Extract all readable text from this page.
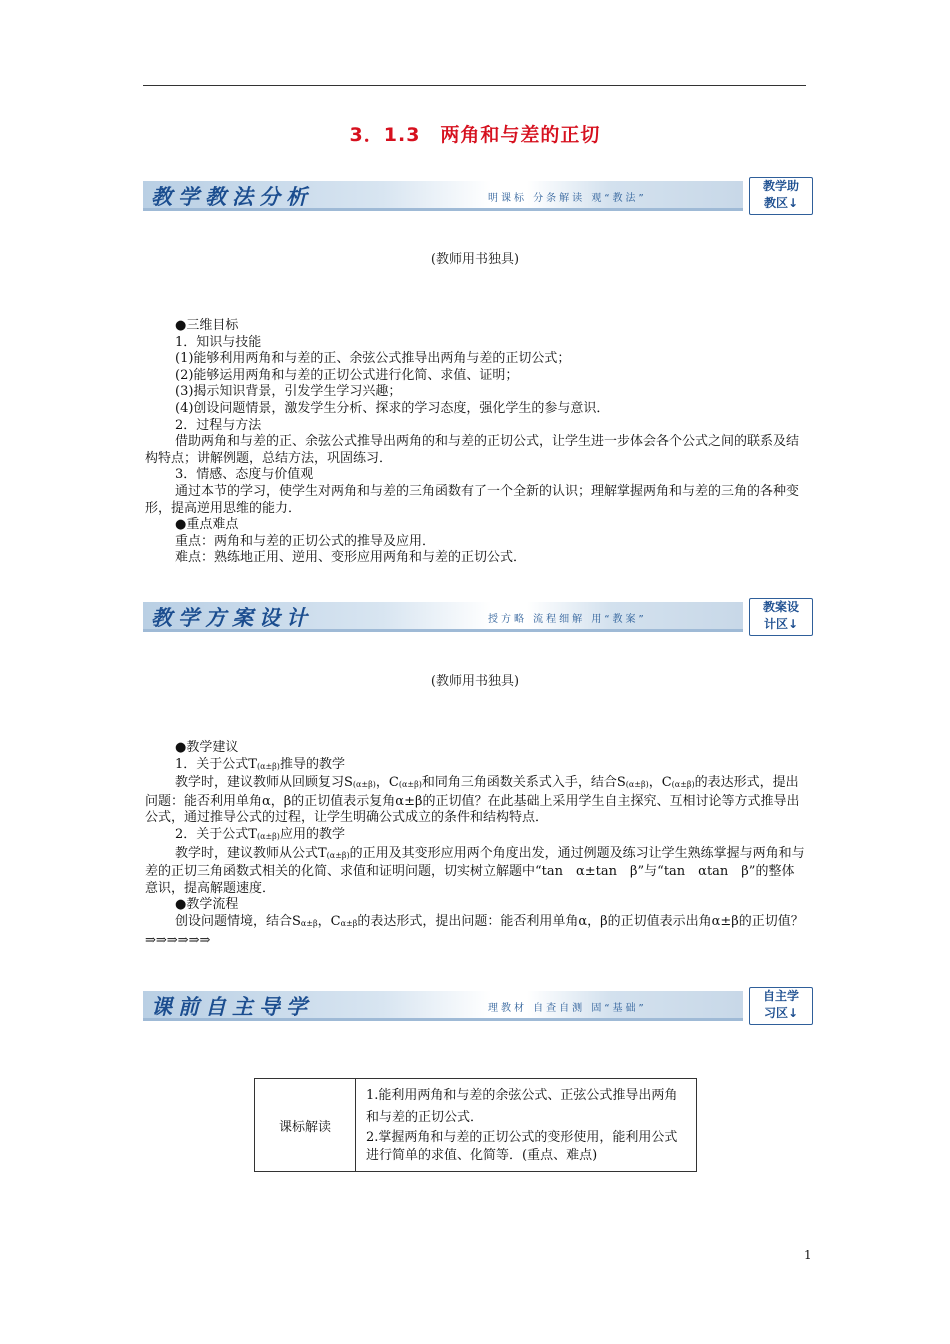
3．1.3　两角和与差的正切
教学教法分析	明课标 分条解读 观“教法”
教学助
教区↓
(教师用书独具)

●三维目标

1．知识与技能

(1)能够利用两角和与差的正、余弦公式推导出两角与差的正切公式；

(2)能够运用两角和与差的正切公式进行化简、求值、证明；

(3)揭示知识背景，引发学生学习兴趣；

(4)创设问题情景，激发学生分析、探求的学习态度，强化学生的参与意识．

2．过程与方法

借助两角和与差的正、余弦公式推导出两角的和与差的正切公式，让学生进一步体会各个公式之间的联系及结构特点；讲解例题，总结方法，巩固练习．

3．情感、态度与价值观

通过本节的学习，使学生对两角和与差的三角函数有了一个全新的认识；理解掌握两角和与差的三角的各种变形，提高逆用思维的能力．

●重点难点

重点：两角和与差的正切公式的推导及应用．

难点：熟练地正用、逆用、变形应用两角和与差的正切公式．

教学方案设计	授方略 流程细解 用“教案”
教案设
计区↓
(教师用书独具)

●教学建议

1．关于公式T(α±β)推导的教学

教学时，建议教师从回顾复习S(α±β)，C(α±β)和同角三角函数关系式入手，结合S(α±β)，C(α±β)的表达形式，提出问题：能否利用单角α，β的正切值表示复角α±β的正切值？在此基础上采用学生自主探究、互相讨论等方式推导出公式，通过推导公式的过程，让学生明确公式成立的条件和结构特点．

2．关于公式T(α±β)应用的教学

教学时，建议教师从公式T(α±β)的正用及其变形应用两个角度出发，通过例题及练习让学生熟练掌握与两角和与差的正切三角函数式相关的化简、求值和证明问题，切实树立解题中“tan　α±tan　β”与“tan　αtan　β”的整体意识，提高解题速度．

●教学流程

创设问题情境，结合Sα±β，Cα±β的表达形式，提出问题：能否利用单角α，β的正切值表示出角α±β的正切值？⇒⇒⇒⇒⇒⇒

课前自主导学	理教材 自查自测 固“基础”
自主学
习区↓
课标解读	
1.能利用两角和与差的余弦公式、正弦公式推导出两角和与差的正切公式．
2.掌握两角和与差的正切公式的变形使用，能利用公式进行简单的求值、化简等．(重点、难点)
1
